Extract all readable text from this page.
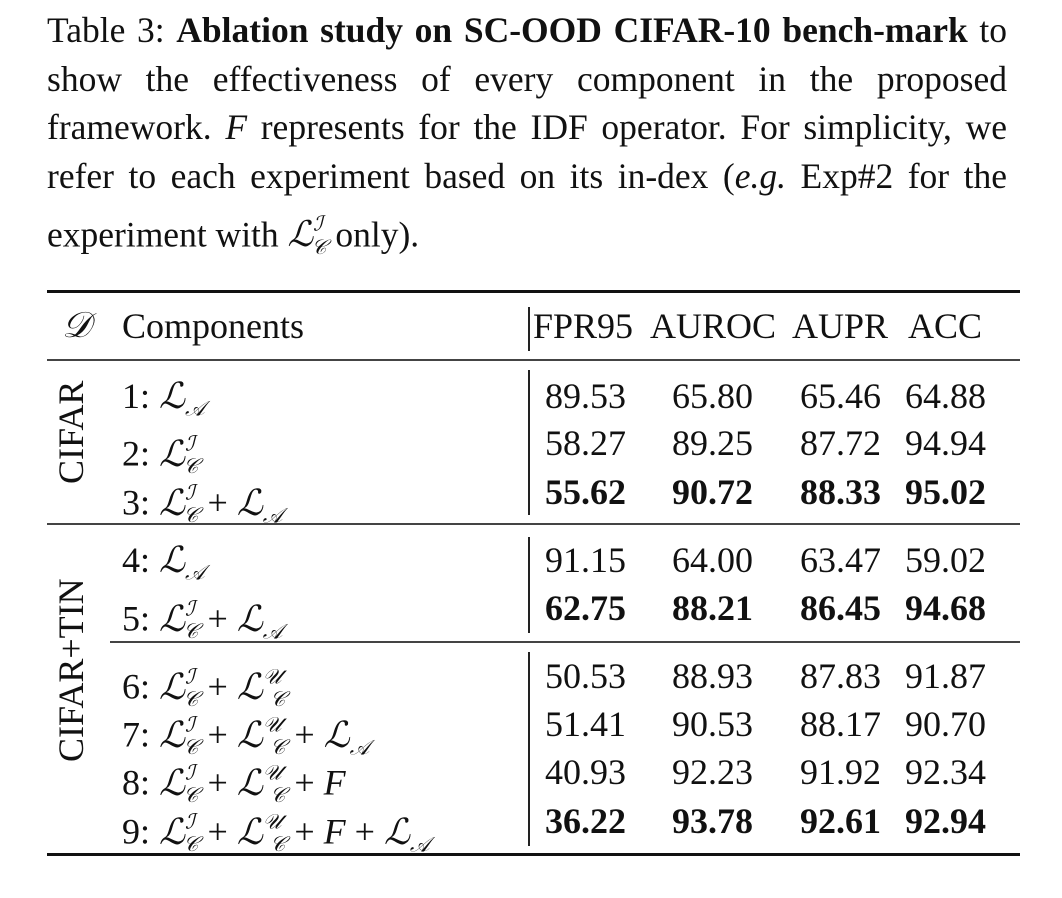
Table 3: Ablation study on SC-OOD CIFAR-10 bench-mark to show the effectiveness of every component in the proposed framework. F represents for the IDF operator. For simplicity, we refer to each experiment based on its in-dex (e.g. Exp#2 for the experiment with ℒ$^ℐ_𝒞$ only).
𝒟 Components	FPR95 AUROC AUPR ACC
CIFAR
CIFAR+TIN
1: ℒ$_𝒜$
2: ℒ$^ℐ_𝒞$
3: ℒ$^ℐ_𝒞$ + ℒ$_𝒜$
4: ℒ$_𝒜$
5: ℒ$^ℐ_𝒞$ + ℒ$_𝒜$
6: ℒ$^ℐ_𝒞$ + ℒ$^𝒰_𝒞$
7: ℒ$^ℐ_𝒞$ + ℒ$^𝒰_𝒞$ + ℒ$_𝒜$
8: ℒ$^ℐ_𝒞$ + ℒ$^𝒰_𝒞$ + F
9: ℒ$^ℐ_𝒞$ + ℒ$^𝒰_𝒞$ + F + ℒ$_𝒜$
89.53 65.80 65.46 64.88
58.27 89.25 87.72 94.94
55.62 90.72 88.33 95.02
91.15 64.00 63.47 59.02
62.75 88.21 86.45 94.68
50.53 88.93 87.83 91.87
51.41 90.53 88.17 90.70
40.93 92.23 91.92 92.34
36.22 93.78 92.61 92.94
